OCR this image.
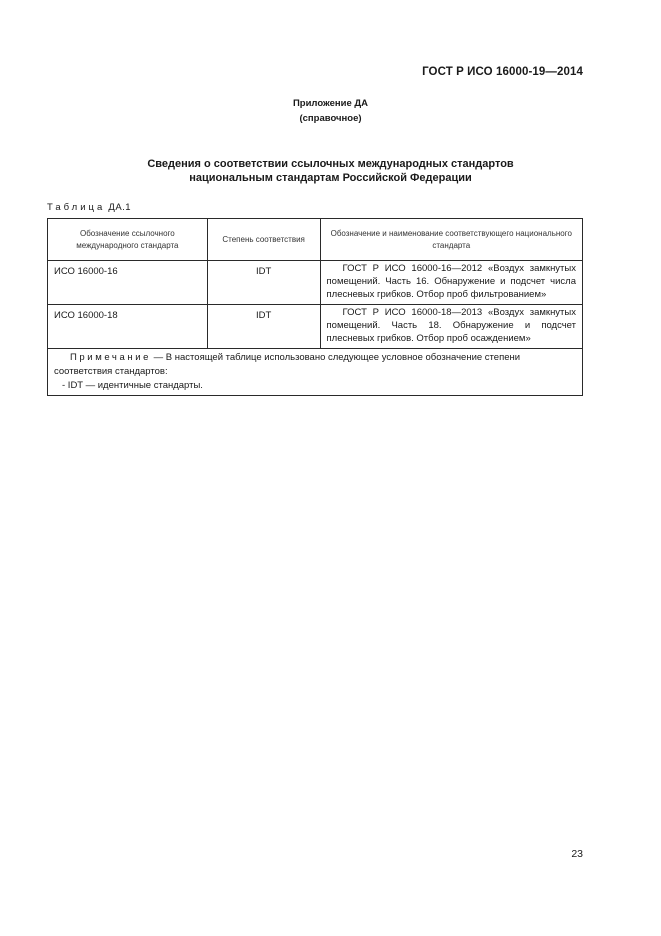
ГОСТ Р ИСО 16000-19—2014
Приложение ДА
(справочное)
Сведения о соответствии ссылочных международных стандартов
национальным стандартам Российской Федерации
Таблица ДА.1
Обозначение ссылочного международного стандарта	Степень соответствия	Обозначение и наименование соответствующего национального стандарта
ИСО 16000-16	IDT	ГОСТ Р ИСО 16000-16—2012 «Воздух замкнутых помещений. Часть 16. Обнаружение и подсчет числа плесневых грибков. Отбор проб фильтрованием»

ИСО 16000-18	IDT	ГОСТ Р ИСО 16000-18—2013 «Воздух замкнутых помещений. Часть 18. Обнаружение и подсчет плесневых грибков. Отбор проб осаждением»

Примечание — В настоящей таблице использовано следующее условное обозначение степени соответствия стандартов:
- IDT — идентичные стандарты.		
23
